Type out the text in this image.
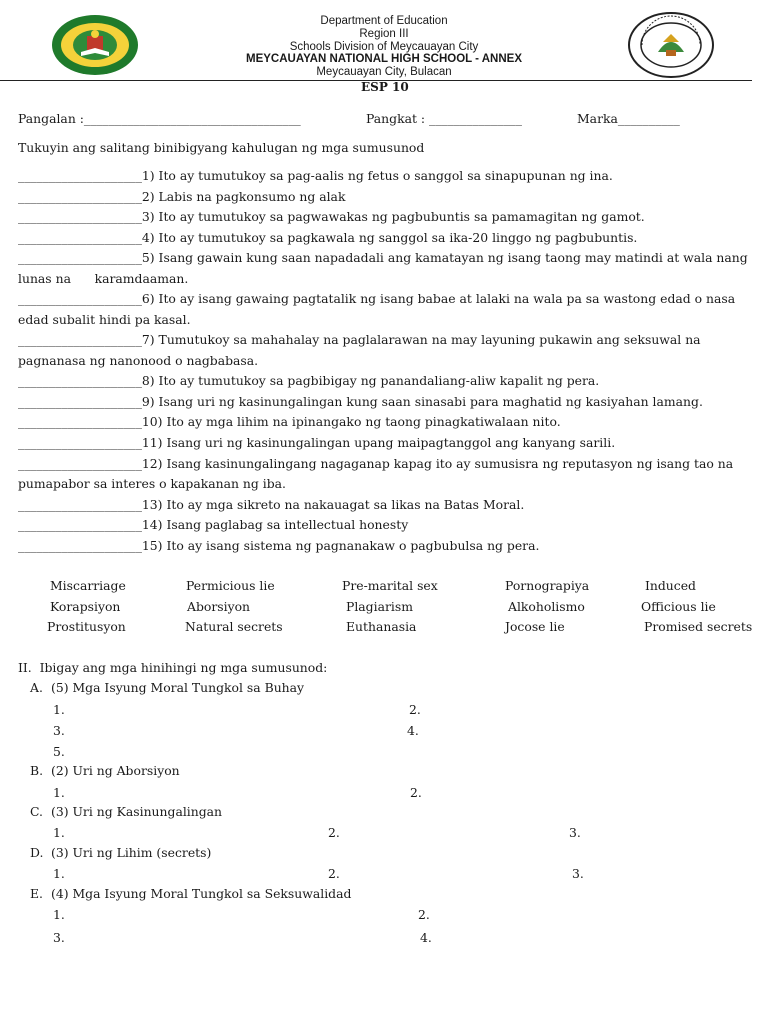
Department of Education
Region III
Schools Division of Meycauayan City
MEYCAUAYAN NATIONAL HIGH SCHOOL - ANNEX
Meycauayan City, Bulacan
ESP 10
Pangalan :___________________________________	Pangkat : _______________	Marka__________
Tukuyin ang salitang binibigyang kahulugan ng mga sumusunod
____________________1) Ito ay tumutukoy sa pag-aalis ng fetus o sanggol sa sinapupunan ng ina.
____________________2) Labis na pagkonsumo ng alak
____________________3) Ito ay tumutukoy sa pagwawakas ng pagbubuntis sa pamamagitan ng gamot.
____________________4) Ito ay tumutukoy sa pagkawala ng sanggol sa ika-20 linggo ng pagbubuntis.
____________________5) Isang gawain kung saan napadadali ang kamatayan ng isang taong may matindi at wala nang
lunas na      karamdaaman.
____________________6) Ito ay isang gawaing pagtatalik ng isang babae at lalaki na wala pa sa wastong edad o nasa
edad subalit hindi pa kasal.
____________________7) Tumutukoy sa mahahalay na paglalarawan na may layuning pukawin ang seksuwal na
pagnanasa ng nanonood o nagbabasa.
____________________8) Ito ay tumutukoy sa pagbibigay ng panandaliang-aliw kapalit ng pera.
____________________9) Isang uri ng kasinungalingan kung saan sinasabi para maghatid ng kasiyahan lamang.
____________________10) Ito ay mga lihim na ipinangako ng taong pinagkatiwalaan nito.
____________________11) Isang uri ng kasinungalingan upang maipagtanggol ang kanyang sarili.
____________________12) Isang kasinungalingang nagaganap kapag ito ay sumusisra ng reputasyon ng isang tao na
pumapabor sa interes o kapakanan ng iba.
____________________13) Ito ay mga sikreto na nakauagat sa likas na Batas Moral.
____________________14) Isang paglabag sa intellectual honesty
____________________15) Ito ay isang sistema ng pagnanakaw o pagbubulsa ng pera.
Miscarriage	Permicious lie	Pre-marital sex	Pornograpiya	Induced
Korapsiyon	Aborsiyon	Plagiarism	Alkoholismo	Officious lie
Prostitusyon	Natural secrets	Euthanasia	Jocose lie	Promised secrets
II.  Ibigay ang mga hinihingi ng mga sumusunod:
A. (5) Mga Isyung Moral Tungkol sa Buhay
1.	2.
3.	4.
5.
B. (2) Uri ng Aborsiyon
1.	2.
C. (3) Uri ng Kasinungalingan
1.	2.	3.
D. (3) Uri ng Lihim (secrets)
1.	2.	3.
E. (4) Mga Isyung Moral Tungkol sa Seksuwalidad
1.	2.
3.	4.
